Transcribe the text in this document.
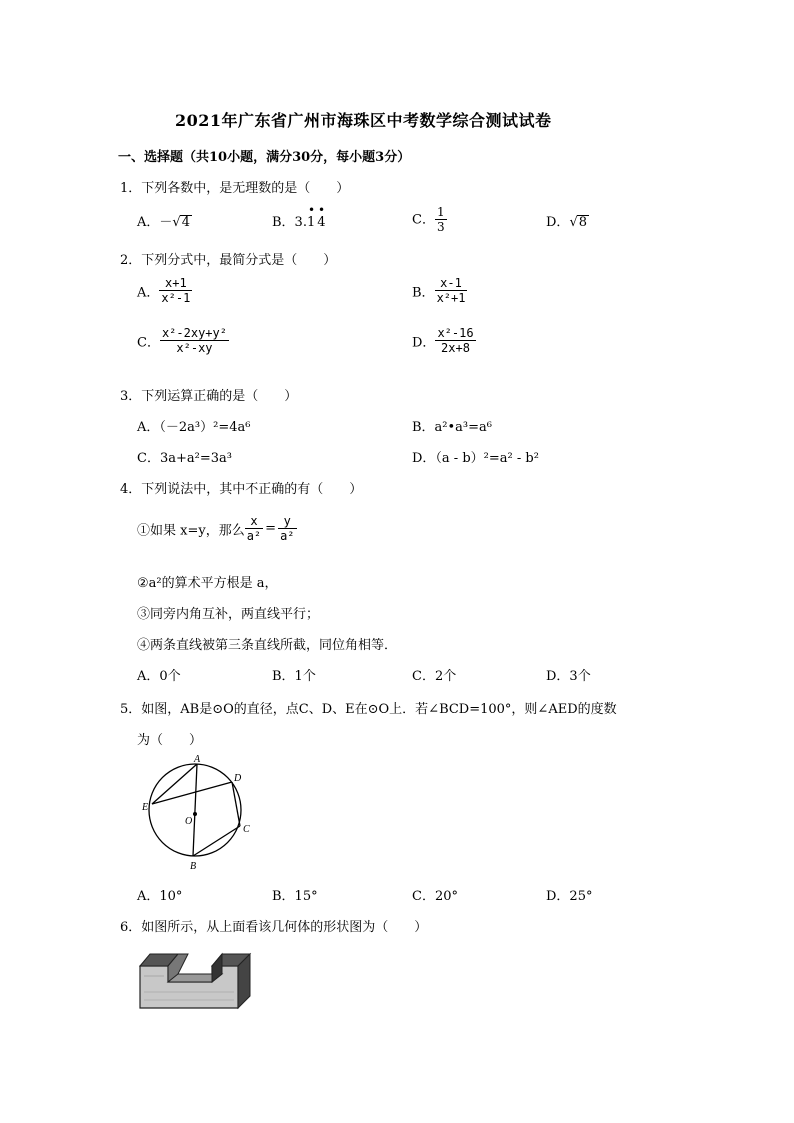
2021年广东省广州市海珠区中考数学综合测试试卷
一、选择题（共10小题，满分30分，每小题3分）
1．下列各数中，是无理数的是（　　）
A．－√4	B．3.
••
14	C． $\frac{1}{3}$	D．√8
2．下列分式中，最简分式是（　　）
A． $\frac{x+1}{\text{x²-1}}$	B． $\frac{x-1}{\text{x²+1}}$
C． $\frac{\text{x²-2xy+y²}}{\text{x²-xy}}$	D． $\frac{\text{x²-16}}{2x+8}$
3．下列运算正确的是（　　）
A．（－2a³）²=4a⁶	B．a²•a³=a⁶
C．3a+a²=3a³	D．（a - b）²=a² - b²
4．下列说法中，其中不正确的有（　　）
①如果 x=y，那么 $\frac{x}{\text{a²}} = \frac{y}{\text{a²}}$
②a²的算术平方根是 a，
③同旁内角互补，两直线平行；
④两条直线被第三条直线所截，同位角相等．
A．0个	B．1个	C．2个	D．3个
5．如图，AB是⊙O的直径，点C、D、E在⊙O上．若∠BCD=100°，则∠AED的度数
为（　　）
A
D
E
O
C
B
A．10°	B．15°	C．20°	D．25°
6．如图所示，从上面看该几何体的形状图为（　　）
